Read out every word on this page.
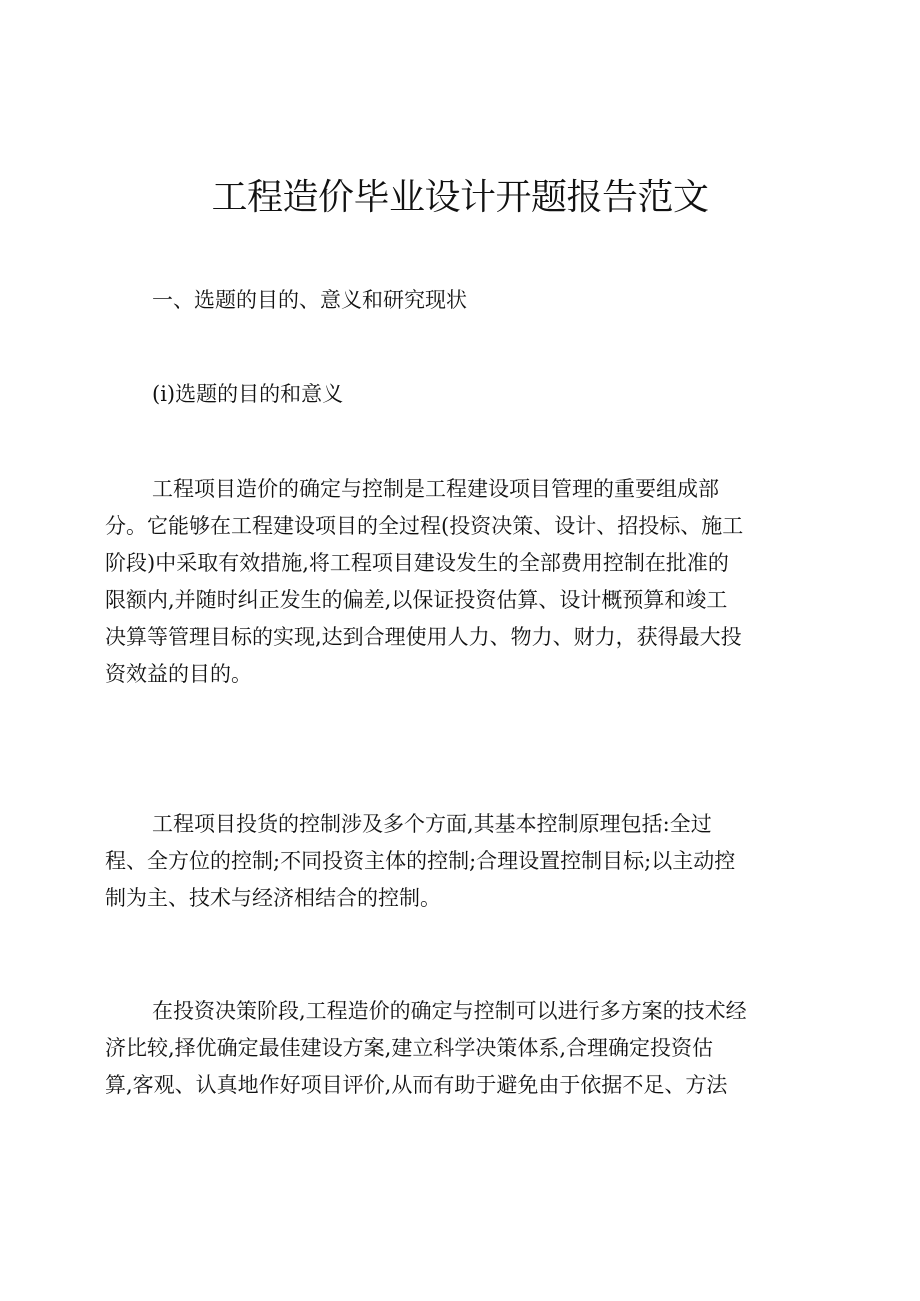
工程造价毕业设计开题报告范文

一、选题的目的、意义和研究现状

(i)选题的目的和意义

工程项目造价的确定与控制是工程建设项目管理的重要组成部
分。它能够在工程建设项目的全过程(投资决策、设计、招投标、施工
阶段)中采取有效措施,将工程项目建设发生的全部费用控制在批准的
限额内,并随时纠正发生的偏差,以保证投资估算、设计概预算和竣工
决算等管理目标的实现,达到合理使用人力、物力、财力，获得最大投
资效益的目的。

工程项目投货的控制涉及多个方面,其基本控制原理包括:全过
程、全方位的控制;不同投资主体的控制;合理设置控制目标;以主动控
制为主、技术与经济相结合的控制。

在投资决策阶段,工程造价的确定与控制可以进行多方案的技术经
济比较,择优确定最佳建设方案,建立科学决策体系,合理确定投资估
算,客观、认真地作好项目评价,从而有助于避免由于依据不足、方法
